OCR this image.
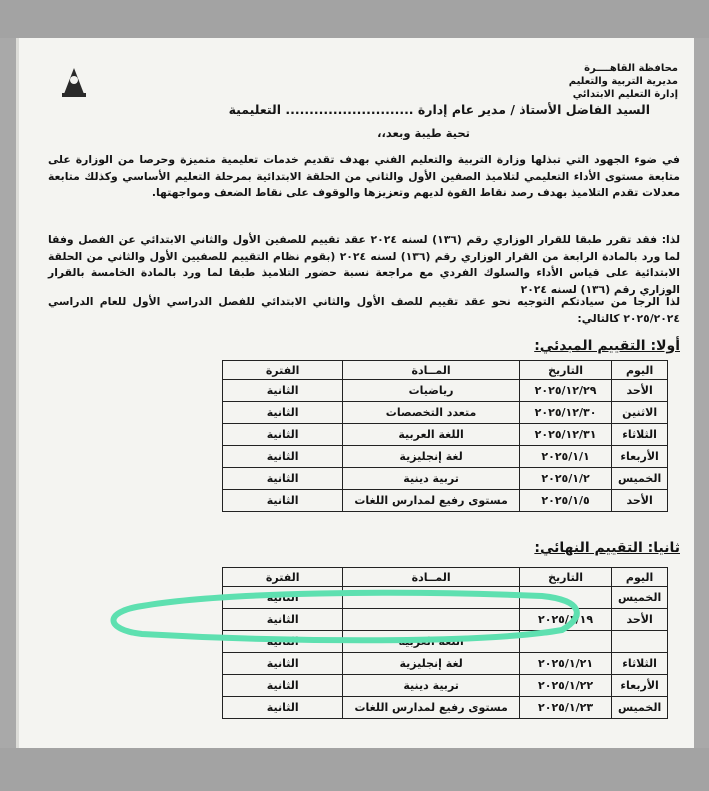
محافظة القاهــــرة
مديرية التربية والتعليم
إدارة التعليم الابتدائي
السيد الفاضل الأستاذ / مدير عام إدارة ........................... التعليمية
تحية طيبة وبعد،،
في ضوء الجهود التي تبذلها وزارة التربية والتعليم الفني بهدف تقديم خدمات تعليمية متميزة وحرصا من الوزارة على متابعة مستوى الأداء التعليمي لتلاميذ الصفين الأول والثاني من الحلقة الابتدائية بمرحلة التعليم الأساسي وكذلك متابعة معدلات تقدم التلاميذ بهدف رصد نقاط القوة لديهم وتعزيزها والوقوف على نقاط الضعف ومواجهتها.
لذا: فقد تقرر طبقا للقرار الوزاري رقم (١٣٦) لسنه ٢٠٢٤ عقد تقييم للصفين الأول والثاني الابتدائي عن الفصل وفقا لما ورد بالمادة الرابعة من القرار الوزاري رقم (١٣٦) لسنه ٢٠٢٤ (بقوم نظام التقييم للصفيين الأول والثاني من الحلقة الابتدائية على قياس الأداء والسلوك الفردي مع مراجعة نسبة حضور التلاميذ طبقا لما ورد بالمادة الخامسة بالقرار الوزاري رقم (١٣٦) لسنه ٢٠٢٤
لذا الرجا من سيادتكم التوجيه نحو عقد تقييم للصف الأول والثاني الابتدائي للفصل الدراسي الأول للعام الدراسي ٢٠٢٥/٢٠٢٤ كالتالي:
أولا: التقييم المبدئي:
اليوم	التاريخ	المــادة	الفترة
الأحد	٢٠٢٥/١٢/٢٩	رياضيات	الثانية
الاثنين	٢٠٢٥/١٢/٣٠	متعدد التخصصات	الثانية
الثلاثاء	٢٠٢٥/١٢/٣١	اللغة العربية	الثانية
الأربعاء	٢٠٢٥/١/١	لغة إنجليزية	الثانية
الخميس	٢٠٢٥/١/٢	تربية دينية	الثانية
الأحد	٢٠٢٥/١/٥	مستوى رفيع لمدارس اللغات	الثانية
ثانيا: التقييم النهائي:
اليوم	التاريخ	المــادة	الفترة
الخميس			الثانية
الأحد	٢٠٢٥/١/١٩		الثانية
		اللغة العربية	الثانية
الثلاثاء	٢٠٢٥/١/٢١	لغة إنجليزية	الثانية
الأربعاء	٢٠٢٥/١/٢٢	تربية دينية	الثانية
الخميس	٢٠٢٥/١/٢٣	مستوى رفيع لمدارس اللغات	الثانية
